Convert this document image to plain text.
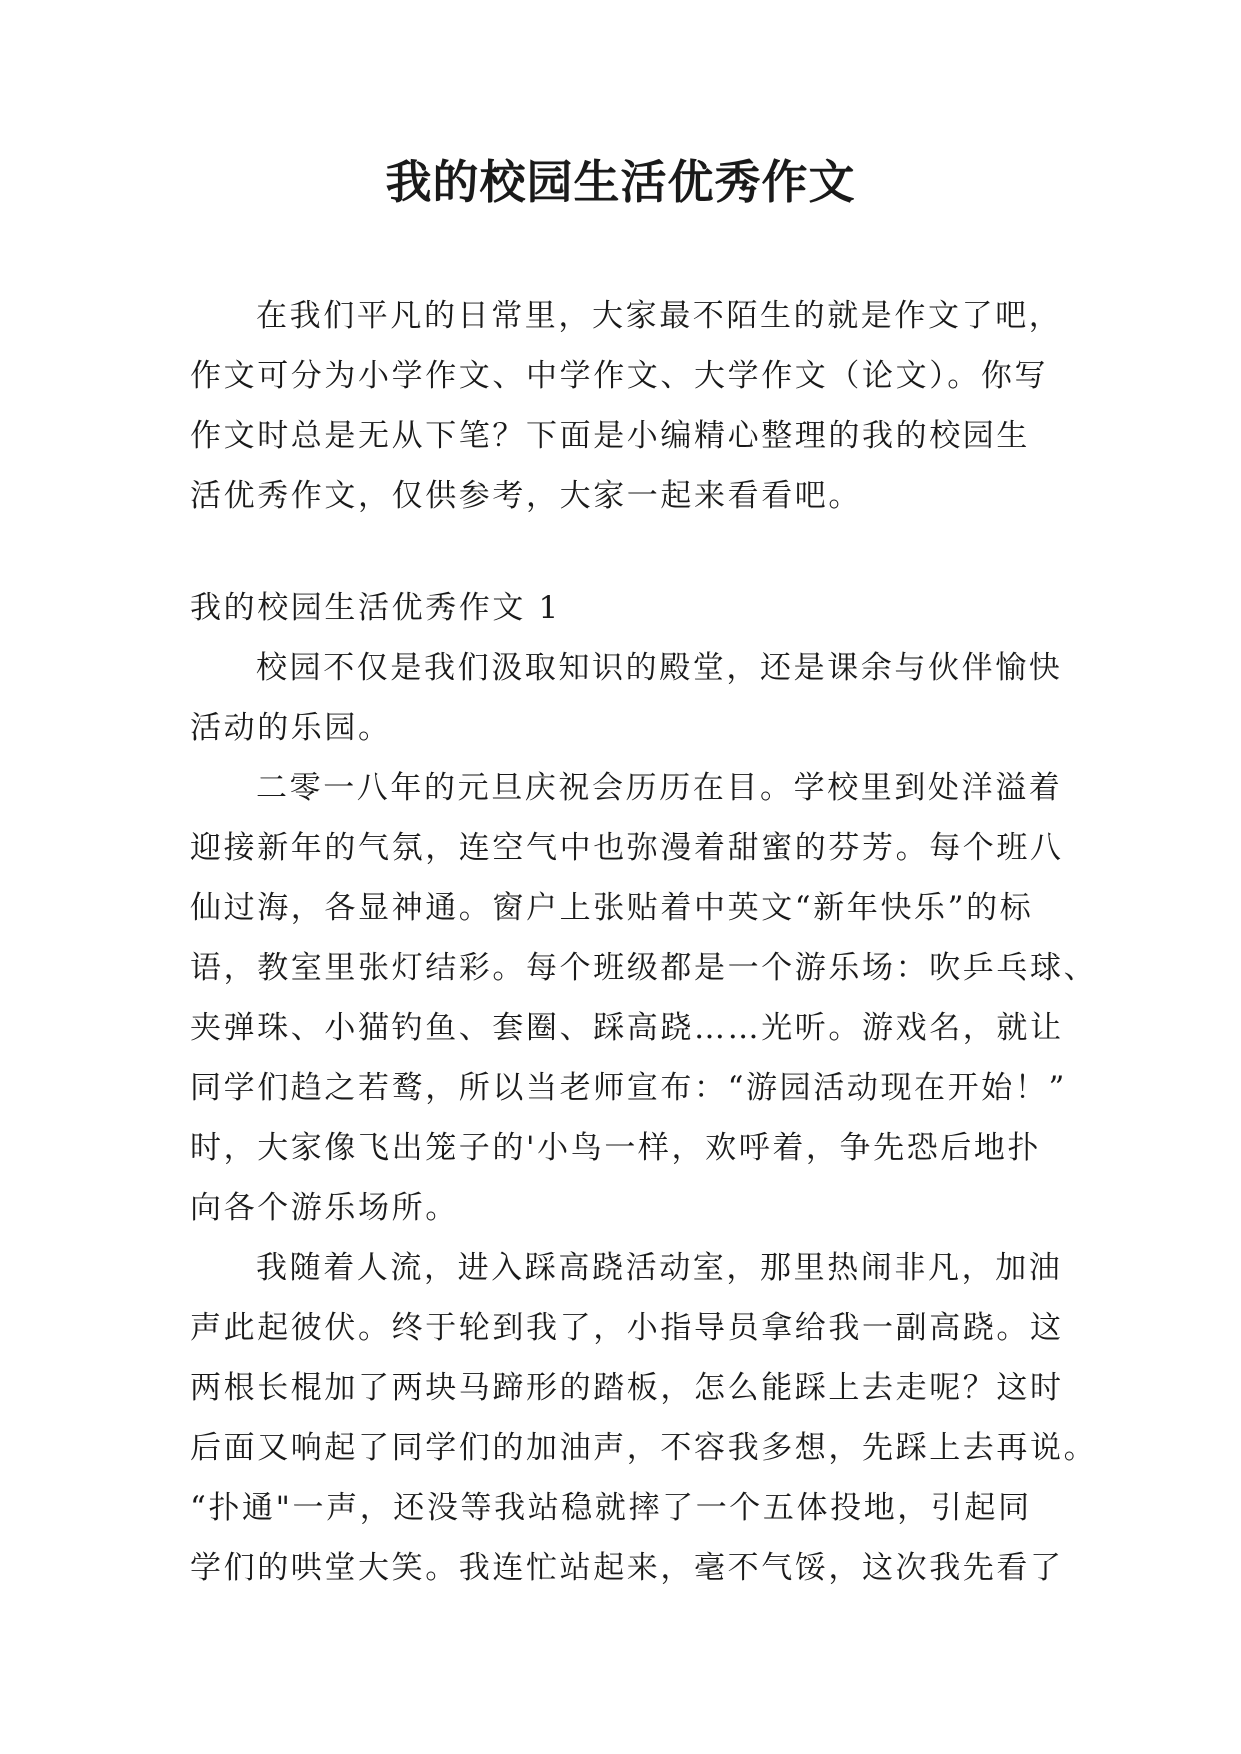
我的校园生活优秀作文
在我们平凡的日常里，大家最不陌生的就是作文了吧，
作文可分为小学作文、中学作文、大学作文（论文）。你写
作文时总是无从下笔？下面是小编精心整理的我的校园生
活优秀作文，仅供参考，大家一起来看看吧。
我的校园生活优秀作文 1
校园不仅是我们汲取知识的殿堂，还是课余与伙伴愉快
活动的乐园。
二零一八年的元旦庆祝会历历在目。学校里到处洋溢着
迎接新年的气氛，连空气中也弥漫着甜蜜的芬芳。每个班八
仙过海，各显神通。窗户上张贴着中英文“新年快乐”的标
语，教室里张灯结彩。每个班级都是一个游乐场：吹乒乓球、
夹弹珠、小猫钓鱼、套圈、踩高跷……光听。游戏名，就让
同学们趋之若鹜，所以当老师宣布：“游园活动现在开始！”
时，大家像飞出笼子的'小鸟一样，欢呼着，争先恐后地扑
向各个游乐场所。
我随着人流，进入踩高跷活动室，那里热闹非凡，加油
声此起彼伏。终于轮到我了，小指导员拿给我一副高跷。这
两根长棍加了两块马蹄形的踏板，怎么能踩上去走呢？这时
后面又响起了同学们的加油声，不容我多想，先踩上去再说。
“扑通"一声，还没等我站稳就摔了一个五体投地，引起同
学们的哄堂大笑。我连忙站起来，毫不气馁，这次我先看了
